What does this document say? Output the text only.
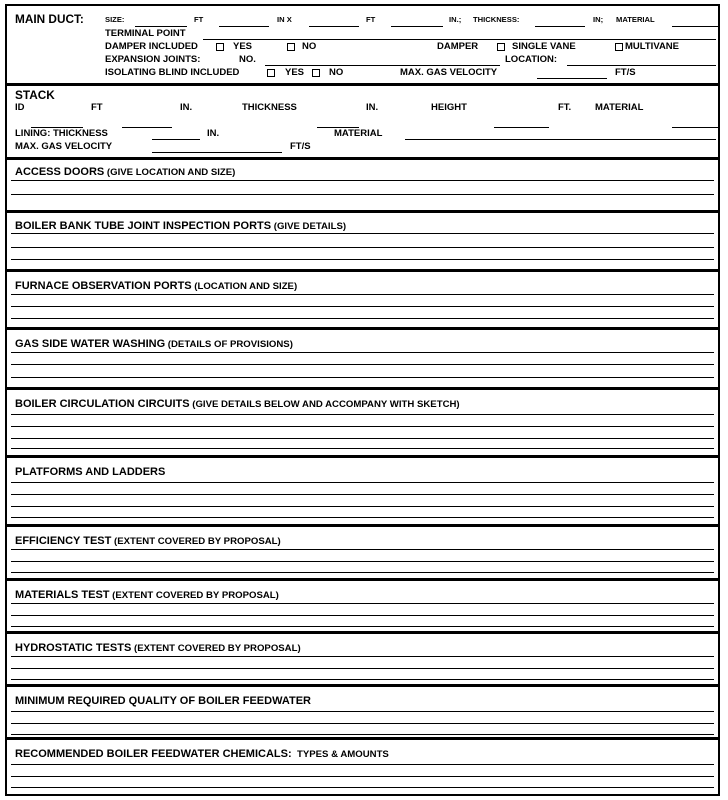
MAIN DUCT:	SIZE:	FT	IN X	FT	IN.; THICKNESS:	IN; MATERIAL
TERMINAL POINT
DAMPER INCLUDED	YES	NO	DAMPER	SINGLE VANE	MULTIVANE
EXPANSION JOINTS:	NO.	LOCATION:
ISOLATING BLIND INCLUDED	YES	NO	MAX. GAS VELOCITY	FT/S
STACK
ID	FT	IN.	THICKNESS	IN.	HEIGHT	FT.	MATERIAL
LINING: THICKNESS	IN.	MATERIAL
MAX. GAS VELOCITY	FT/S
ACCESS DOORS (GIVE LOCATION AND SIZE)
BOILER BANK TUBE JOINT INSPECTION PORTS (GIVE DETAILS)
FURNACE OBSERVATION PORTS (LOCATION AND SIZE)
GAS SIDE WATER WASHING (DETAILS OF PROVISIONS)
BOILER CIRCULATION CIRCUITS (GIVE DETAILS BELOW AND ACCOMPANY WITH SKETCH)
PLATFORMS AND LADDERS
EFFICIENCY TEST (EXTENT COVERED BY PROPOSAL)
MATERIALS TEST (EXTENT COVERED BY PROPOSAL)
HYDROSTATIC TESTS (EXTENT COVERED BY PROPOSAL)
MINIMUM REQUIRED QUALITY OF BOILER FEEDWATER
RECOMMENDED BOILER FEEDWATER CHEMICALS:  TYPES & AMOUNTS
